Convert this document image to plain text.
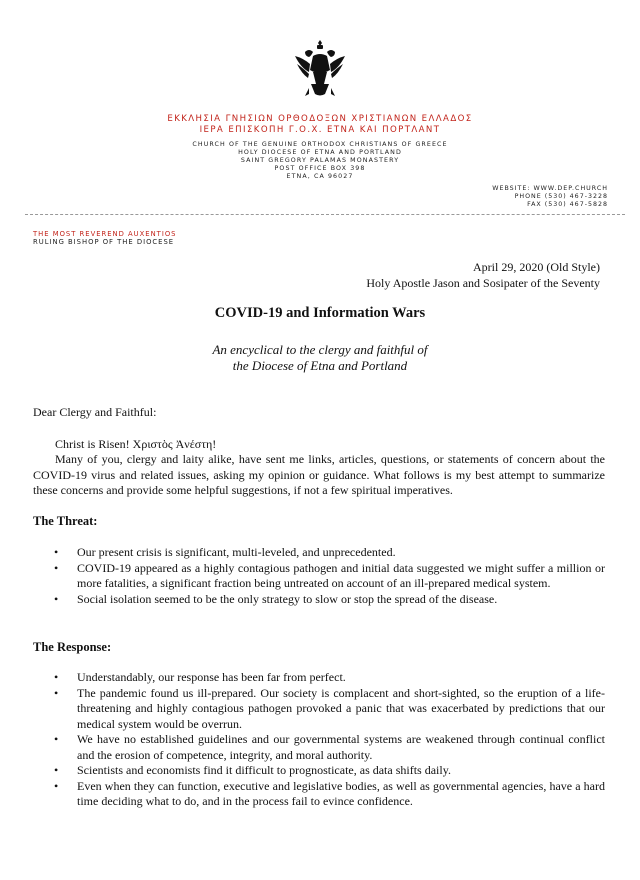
ΕΚΚΛΗΣΙΑ ΓΝΗΣΙΩΝ ΟΡΘΟΔΟΞΩΝ ΧΡΙΣΤΙΑΝΩΝ ΕΛΛΑΔΟΣ
ΙΕΡΑ ΕΠΙΣΚΟΠΗ Γ.Ο.Χ. ΕΤΝΑ ΚΑΙ ΠΟΡΤΛΑΝΤ
CHURCH OF THE GENUINE ORTHODOX CHRISTIANS OF GREECE
HOLY DIOCESE OF ETNA AND PORTLAND
SAINT GREGORY PALAMAS MONASTERY
POST OFFICE BOX 398
ETNA, CA 96027
WEBSITE: WWW.DEP.CHURCH
PHONE (530) 467-3228
FAX (530) 467-5828
THE MOST REVEREND AUXENTIOS
RULING BISHOP OF THE DIOCESE
April 29, 2020 (Old Style)
Holy Apostle Jason and Sosipater of the Seventy
COVID-19 and Information Wars
An encyclical to the clergy and faithful of
the Diocese of Etna and Portland
Dear Clergy and Faithful:
Christ is Risen! Χριστὸς Ἀνέστη!
Many of you, clergy and laity alike, have sent me links, articles, questions, or statements of concern about the COVID-19 virus and related issues, asking my opinion or guidance. What follows is my best attempt to summarize these concerns and provide some helpful suggestions, if not a few spiritual imperatives.
The Threat:
• Our present crisis is significant, multi-leveled, and unprecedented.
• COVID-19 appeared as a highly contagious pathogen and initial data suggested we might suffer a million or more fatalities, a significant fraction being untreated on account of an ill-prepared medical system.
• Social isolation seemed to be the only strategy to slow or stop the spread of the disease.
The Response:
• Understandably, our response has been far from perfect.
• The pandemic found us ill-prepared. Our society is complacent and short-sighted, so the eruption of a life-threatening and highly contagious pathogen provoked a panic that was exacerbated by predictions that our medical system would be overrun.
• We have no established guidelines and our governmental systems are weakened through continual conflict and the erosion of competence, integrity, and moral authority.
• Scientists and economists find it difficult to prognosticate, as data shifts daily.
• Even when they can function, executive and legislative bodies, as well as governmental agencies, have a hard time deciding what to do, and in the process fail to evince confidence.
